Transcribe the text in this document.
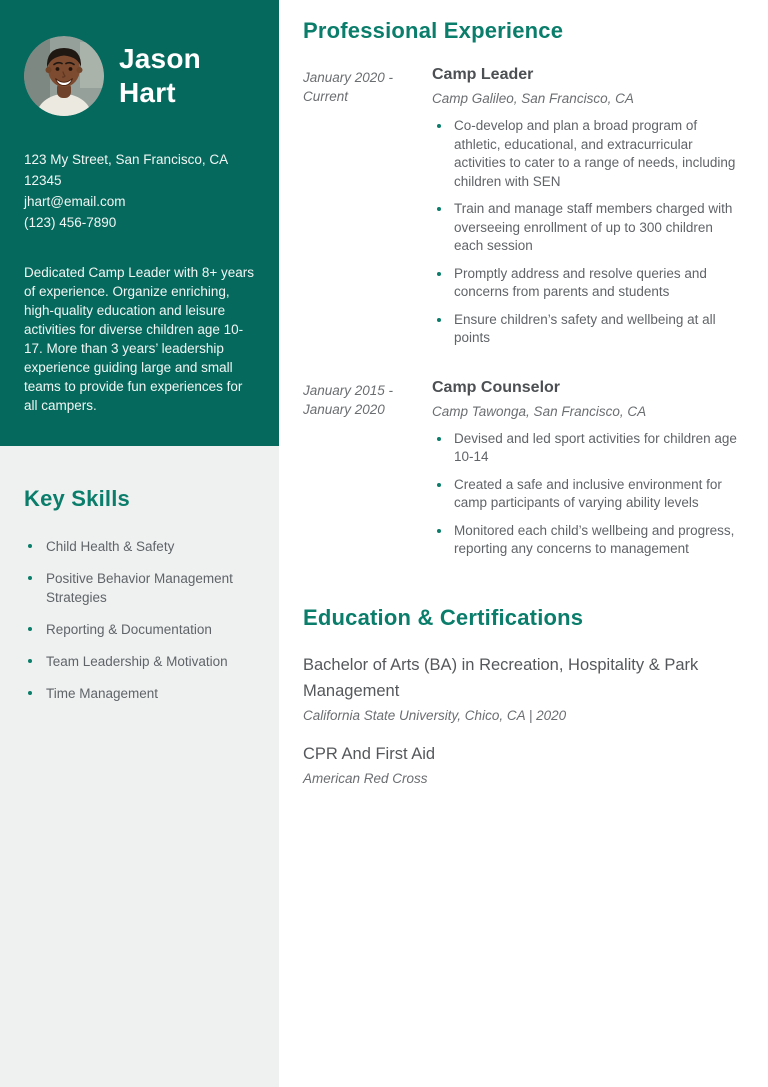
Jason
Hart
123 My Street, San Francisco, CA 12345
jhart@email.com
(123) 456-7890

Dedicated Camp Leader with 8+ years of experience. Organize enriching, high-quality education and leisure activities for diverse children age 10-17. More than 3 years’ leadership experience guiding large and small teams to provide fun experiences for all campers.

Key Skills
Child Health & Safety
Positive Behavior Management Strategies
Reporting & Documentation
Team Leadership & Motivation
Time Management
Professional Experience
January 2020 - Current
Camp Leader
Camp Galileo, San Francisco, CA
Co-develop and plan a broad program of athletic, educational, and extracurricular activities to cater to a range of needs, including children with SEN
Train and manage staff members charged with overseeing enrollment of up to 300 children each session
Promptly address and resolve queries and concerns from parents and students
Ensure children’s safety and wellbeing at all points
January 2015 - January 2020
Camp Counselor
Camp Tawonga, San Francisco, CA
Devised and led sport activities for children age 10-14
Created a safe and inclusive environment for camp participants of varying ability levels
Monitored each child’s wellbeing and progress, reporting any concerns to management
Education & Certifications
Bachelor of Arts (BA) in Recreation, Hospitality & Park Management
California State University, Chico, CA | 2020
CPR And First Aid
American Red Cross
